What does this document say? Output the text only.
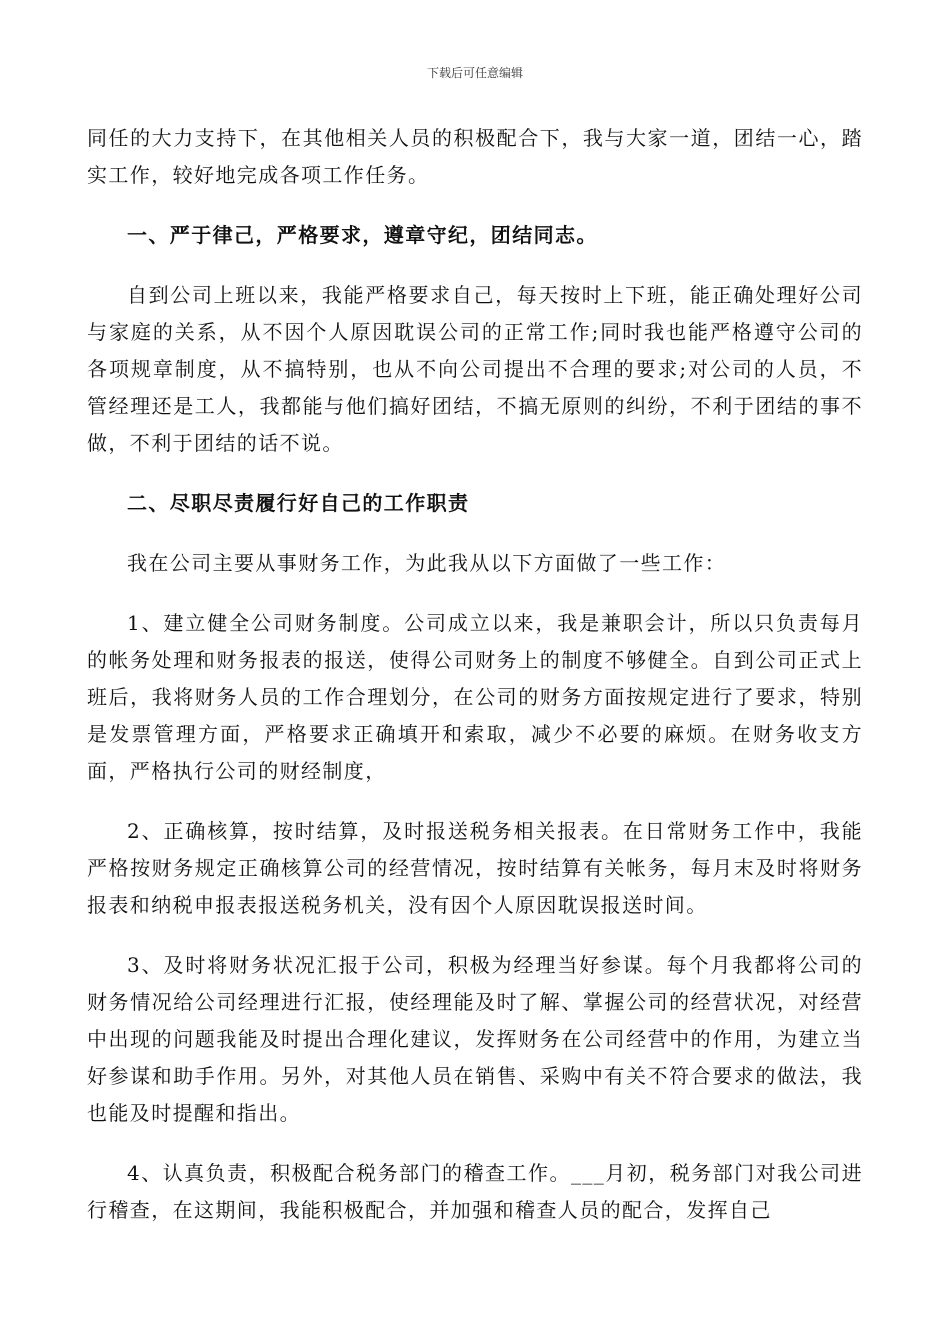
下载后可任意编辑

同任的大力支持下，在其他相关人员的积极配合下，我与大家一道，团结一心，踏实工作，较好地完成各项工作任务。

一、严于律己，严格要求，遵章守纪，团结同志。

自到公司上班以来，我能严格要求自己，每天按时上下班，能正确处理好公司与家庭的关系，从不因个人原因耽误公司的正常工作;同时我也能严格遵守公司的各项规章制度，从不搞特别，也从不向公司提出不合理的要求;对公司的人员，不管经理还是工人，我都能与他们搞好团结，不搞无原则的纠纷，不利于团结的事不做，不利于团结的话不说。

二、尽职尽责履行好自己的工作职责

我在公司主要从事财务工作，为此我从以下方面做了一些工作：

1、建立健全公司财务制度。公司成立以来，我是兼职会计，所以只负责每月的帐务处理和财务报表的报送，使得公司财务上的制度不够健全。自到公司正式上班后，我将财务人员的工作合理划分，在公司的财务方面按规定进行了要求，特别是发票管理方面，严格要求正确填开和索取，减少不必要的麻烦。在财务收支方面，严格执行公司的财经制度，

2、正确核算，按时结算，及时报送税务相关报表。在日常财务工作中，我能严格按财务规定正确核算公司的经营情况，按时结算有关帐务，每月末及时将财务报表和纳税申报表报送税务机关，没有因个人原因耽误报送时间。

3、及时将财务状况汇报于公司，积极为经理当好参谋。每个月我都将公司的财务情况给公司经理进行汇报，使经理能及时了解、掌握公司的经营状况，对经营中出现的问题我能及时提出合理化建议，发挥财务在公司经营中的作用，为建立当好参谋和助手作用。另外，对其他人员在销售、采购中有关不符合要求的做法，我也能及时提醒和指出。

4、认真负责，积极配合税务部门的稽查工作。___月初，税务部门对我公司进行稽查，在这期间，我能积极配合，并加强和稽查人员的配合，发挥自己
